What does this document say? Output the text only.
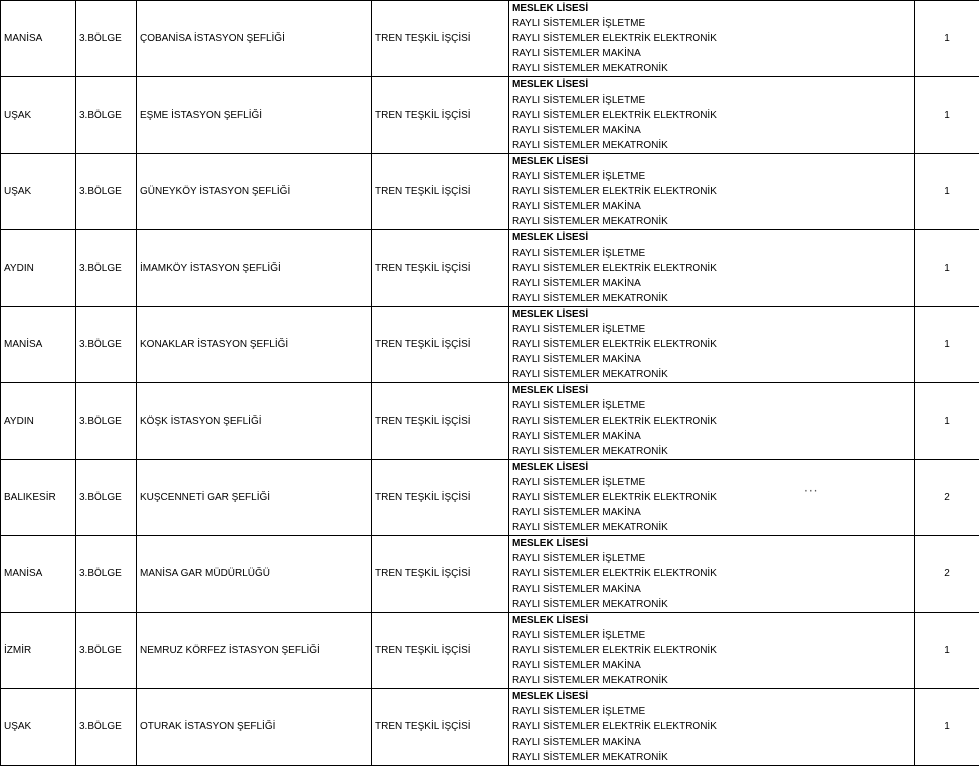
MANİSA	3.BÖLGE	ÇOBANİSA İSTASYON ŞEFLİĞİ	TREN TEŞKİL İŞÇİSİ	MESLEK LİSESİ
RAYLI SİSTEMLER İŞLETME
RAYLI SİSTEMLER ELEKTRİK ELEKTRONİK
RAYLI SİSTEMLER MAKİNA
RAYLI SİSTEMLER MEKATRONİK	1
UŞAK	3.BÖLGE	EŞME İSTASYON ŞEFLİĞİ	TREN TEŞKİL İŞÇİSİ	MESLEK LİSESİ
RAYLI SİSTEMLER İŞLETME
RAYLI SİSTEMLER ELEKTRİK ELEKTRONİK
RAYLI SİSTEMLER MAKİNA
RAYLI SİSTEMLER MEKATRONİK	1
UŞAK	3.BÖLGE	GÜNEYKÖY İSTASYON ŞEFLİĞİ	TREN TEŞKİL İŞÇİSİ	MESLEK LİSESİ
RAYLI SİSTEMLER İŞLETME
RAYLI SİSTEMLER ELEKTRİK ELEKTRONİK
RAYLI SİSTEMLER MAKİNA
RAYLI SİSTEMLER MEKATRONİK	1
AYDIN	3.BÖLGE	İMAMKÖY İSTASYON ŞEFLİĞİ	TREN TEŞKİL İŞÇİSİ	MESLEK LİSESİ
RAYLI SİSTEMLER İŞLETME
RAYLI SİSTEMLER ELEKTRİK ELEKTRONİK
RAYLI SİSTEMLER MAKİNA
RAYLI SİSTEMLER MEKATRONİK	1
MANİSA	3.BÖLGE	KONAKLAR İSTASYON ŞEFLİĞİ	TREN TEŞKİL İŞÇİSİ	MESLEK LİSESİ
RAYLI SİSTEMLER İŞLETME
RAYLI SİSTEMLER ELEKTRİK ELEKTRONİK
RAYLI SİSTEMLER MAKİNA
RAYLI SİSTEMLER MEKATRONİK	1
AYDIN	3.BÖLGE	KÖŞK İSTASYON ŞEFLİĞİ	TREN TEŞKİL İŞÇİSİ	MESLEK LİSESİ
RAYLI SİSTEMLER İŞLETME
RAYLI SİSTEMLER ELEKTRİK ELEKTRONİK
RAYLI SİSTEMLER MAKİNA
RAYLI SİSTEMLER MEKATRONİK	1
BALIKESİR	3.BÖLGE	KUŞCENNETİ GAR ŞEFLİĞİ	TREN TEŞKİL İŞÇİSİ	MESLEK LİSESİ
RAYLI SİSTEMLER İŞLETME
RAYLI SİSTEMLER ELEKTRİK ELEKTRONİK
RAYLI SİSTEMLER MAKİNA
RAYLI SİSTEMLER MEKATRONİK	2
MANİSA	3.BÖLGE	MANİSA GAR MÜDÜRLÜĞÜ	TREN TEŞKİL İŞÇİSİ	MESLEK LİSESİ
RAYLI SİSTEMLER İŞLETME
RAYLI SİSTEMLER ELEKTRİK ELEKTRONİK
RAYLI SİSTEMLER MAKİNA
RAYLI SİSTEMLER MEKATRONİK	2
İZMİR	3.BÖLGE	NEMRUZ KÖRFEZ İSTASYON ŞEFLİĞİ	TREN TEŞKİL İŞÇİSİ	MESLEK LİSESİ
RAYLI SİSTEMLER İŞLETME
RAYLI SİSTEMLER ELEKTRİK ELEKTRONİK
RAYLI SİSTEMLER MAKİNA
RAYLI SİSTEMLER MEKATRONİK	1
UŞAK	3.BÖLGE	OTURAK İSTASYON ŞEFLİĞİ	TREN TEŞKİL İŞÇİSİ	MESLEK LİSESİ
RAYLI SİSTEMLER İŞLETME
RAYLI SİSTEMLER ELEKTRİK ELEKTRONİK
RAYLI SİSTEMLER MAKİNA
RAYLI SİSTEMLER MEKATRONİK	1
···
